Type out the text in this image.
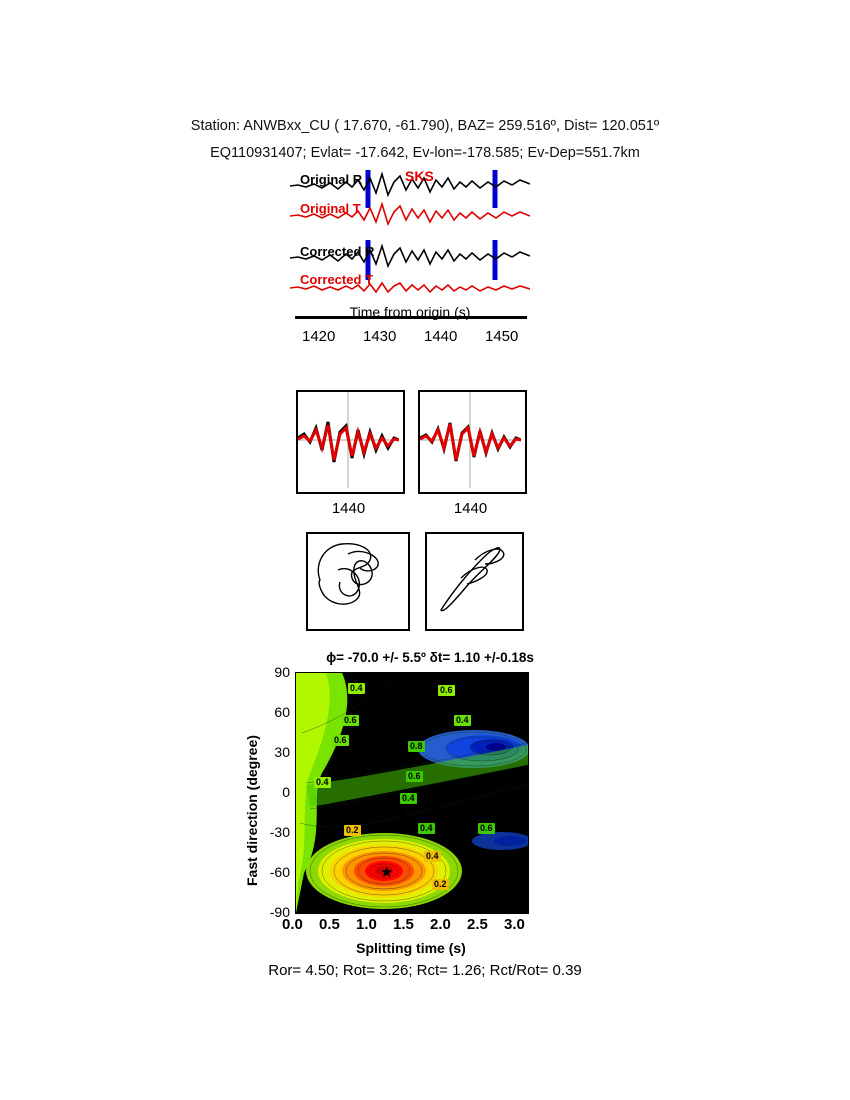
Station: ANWBxx_CU ( 17.670, -61.790), BAZ= 259.516º, Dist= 120.051º
EQ110931407; Evlat= -17.642, Ev-lon=-178.585; Ev-Dep=551.7km
SKS
Original R
Original T
Corrected R
Corrected T
Time from origin (s)
1420 1430 1440 1450
1440	1440
ϕ= -70.0 +/- 5.5º δt= 1.10 +/-0.18s
Fast direction (degree)
90
60
30
0
-30
-60
-90
★
0.4	0.6
0.6	0.4
0.6
0.8
0.6
0.4
0.4
0.2	0.4	0.6
0.4
0.2
0.0 0.5 1.0 1.5 2.0 2.5 3.0
Splitting time (s)
Ror= 4.50; Rot= 3.26; Rct= 1.26; Rct/Rot= 0.39
